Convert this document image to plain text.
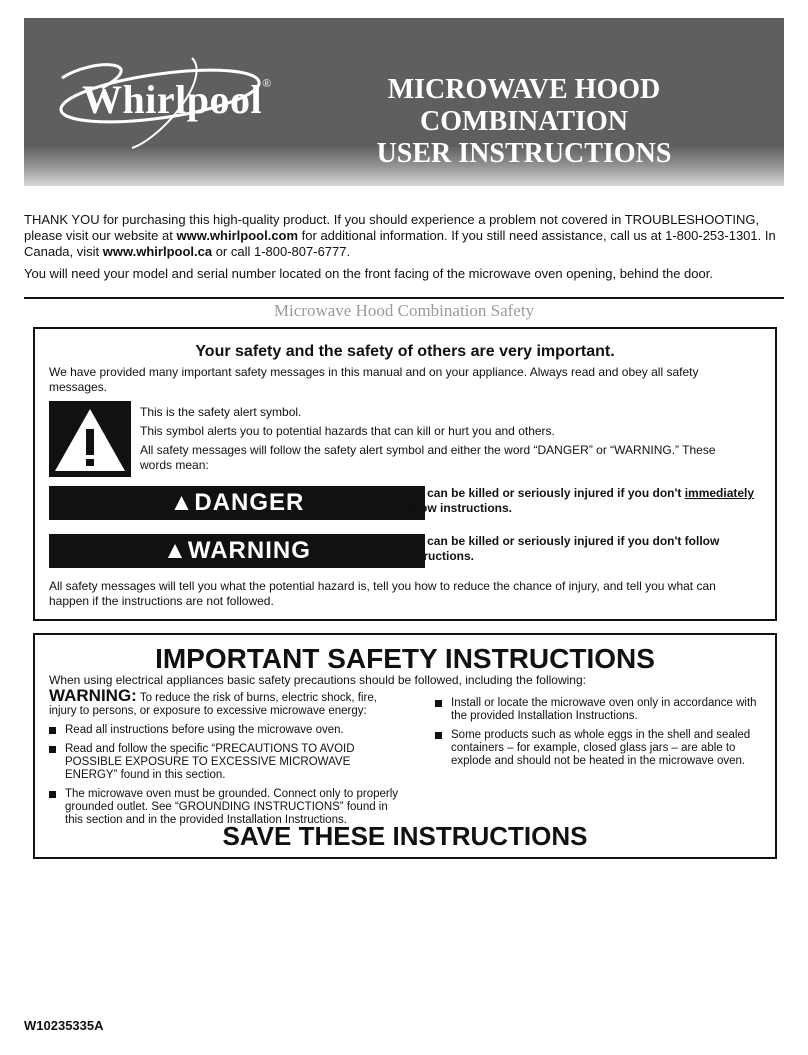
Whirlpool®	MICROWAVE HOOD COMBINATION
USER INSTRUCTIONS

THANK YOU for purchasing this high-quality product. If you should experience a problem not covered in TROUBLESHOOTING, please visit our website at www.whirlpool.com for additional information. If you still need assistance, call us at 1-800-253-1301. In Canada, visit www.whirlpool.ca or call 1-800-807-6777.

You will need your model and serial number located on the front facing of the microwave oven opening, behind the door.

Microwave Hood Combination Safety
Your safety and the safety of others are very important.
We have provided many important safety messages in this manual and on your appliance. Always read and obey all safety messages.

This is the safety alert symbol.

This symbol alerts you to potential hazards that can kill or hurt you and others.

All safety messages will follow the safety alert symbol and either the word “DANGER” or “WARNING.” These words mean:

▲DANGER	You can be killed or seriously injured if you don't immediately follow instructions.
▲WARNING	You can be killed or seriously injured if you don't follow instructions.
All safety messages will tell you what the potential hazard is, tell you how to reduce the chance of injury, and tell you what can happen if the instructions are not followed.
IMPORTANT SAFETY INSTRUCTIONS
When using electrical appliances basic safety precautions should be followed, including the following:
WARNING: To reduce the risk of burns, electric shock, fire, injury to persons, or exposure to excessive microwave energy:
Read all instructions before using the microwave oven.
Read and follow the specific “PRECAUTIONS TO AVOID POSSIBLE EXPOSURE TO EXCESSIVE MICROWAVE ENERGY” found in this section.
The microwave oven must be grounded. Connect only to properly grounded outlet. See “GROUNDING INSTRUCTIONS” found in this section and in the provided Installation Instructions.
Install or locate the microwave oven only in accordance with the provided Installation Instructions.
Some products such as whole eggs in the shell and sealed containers – for example, closed glass jars – are able to explode and should not be heated in the microwave oven.
SAVE THESE INSTRUCTIONS
W10235335A
